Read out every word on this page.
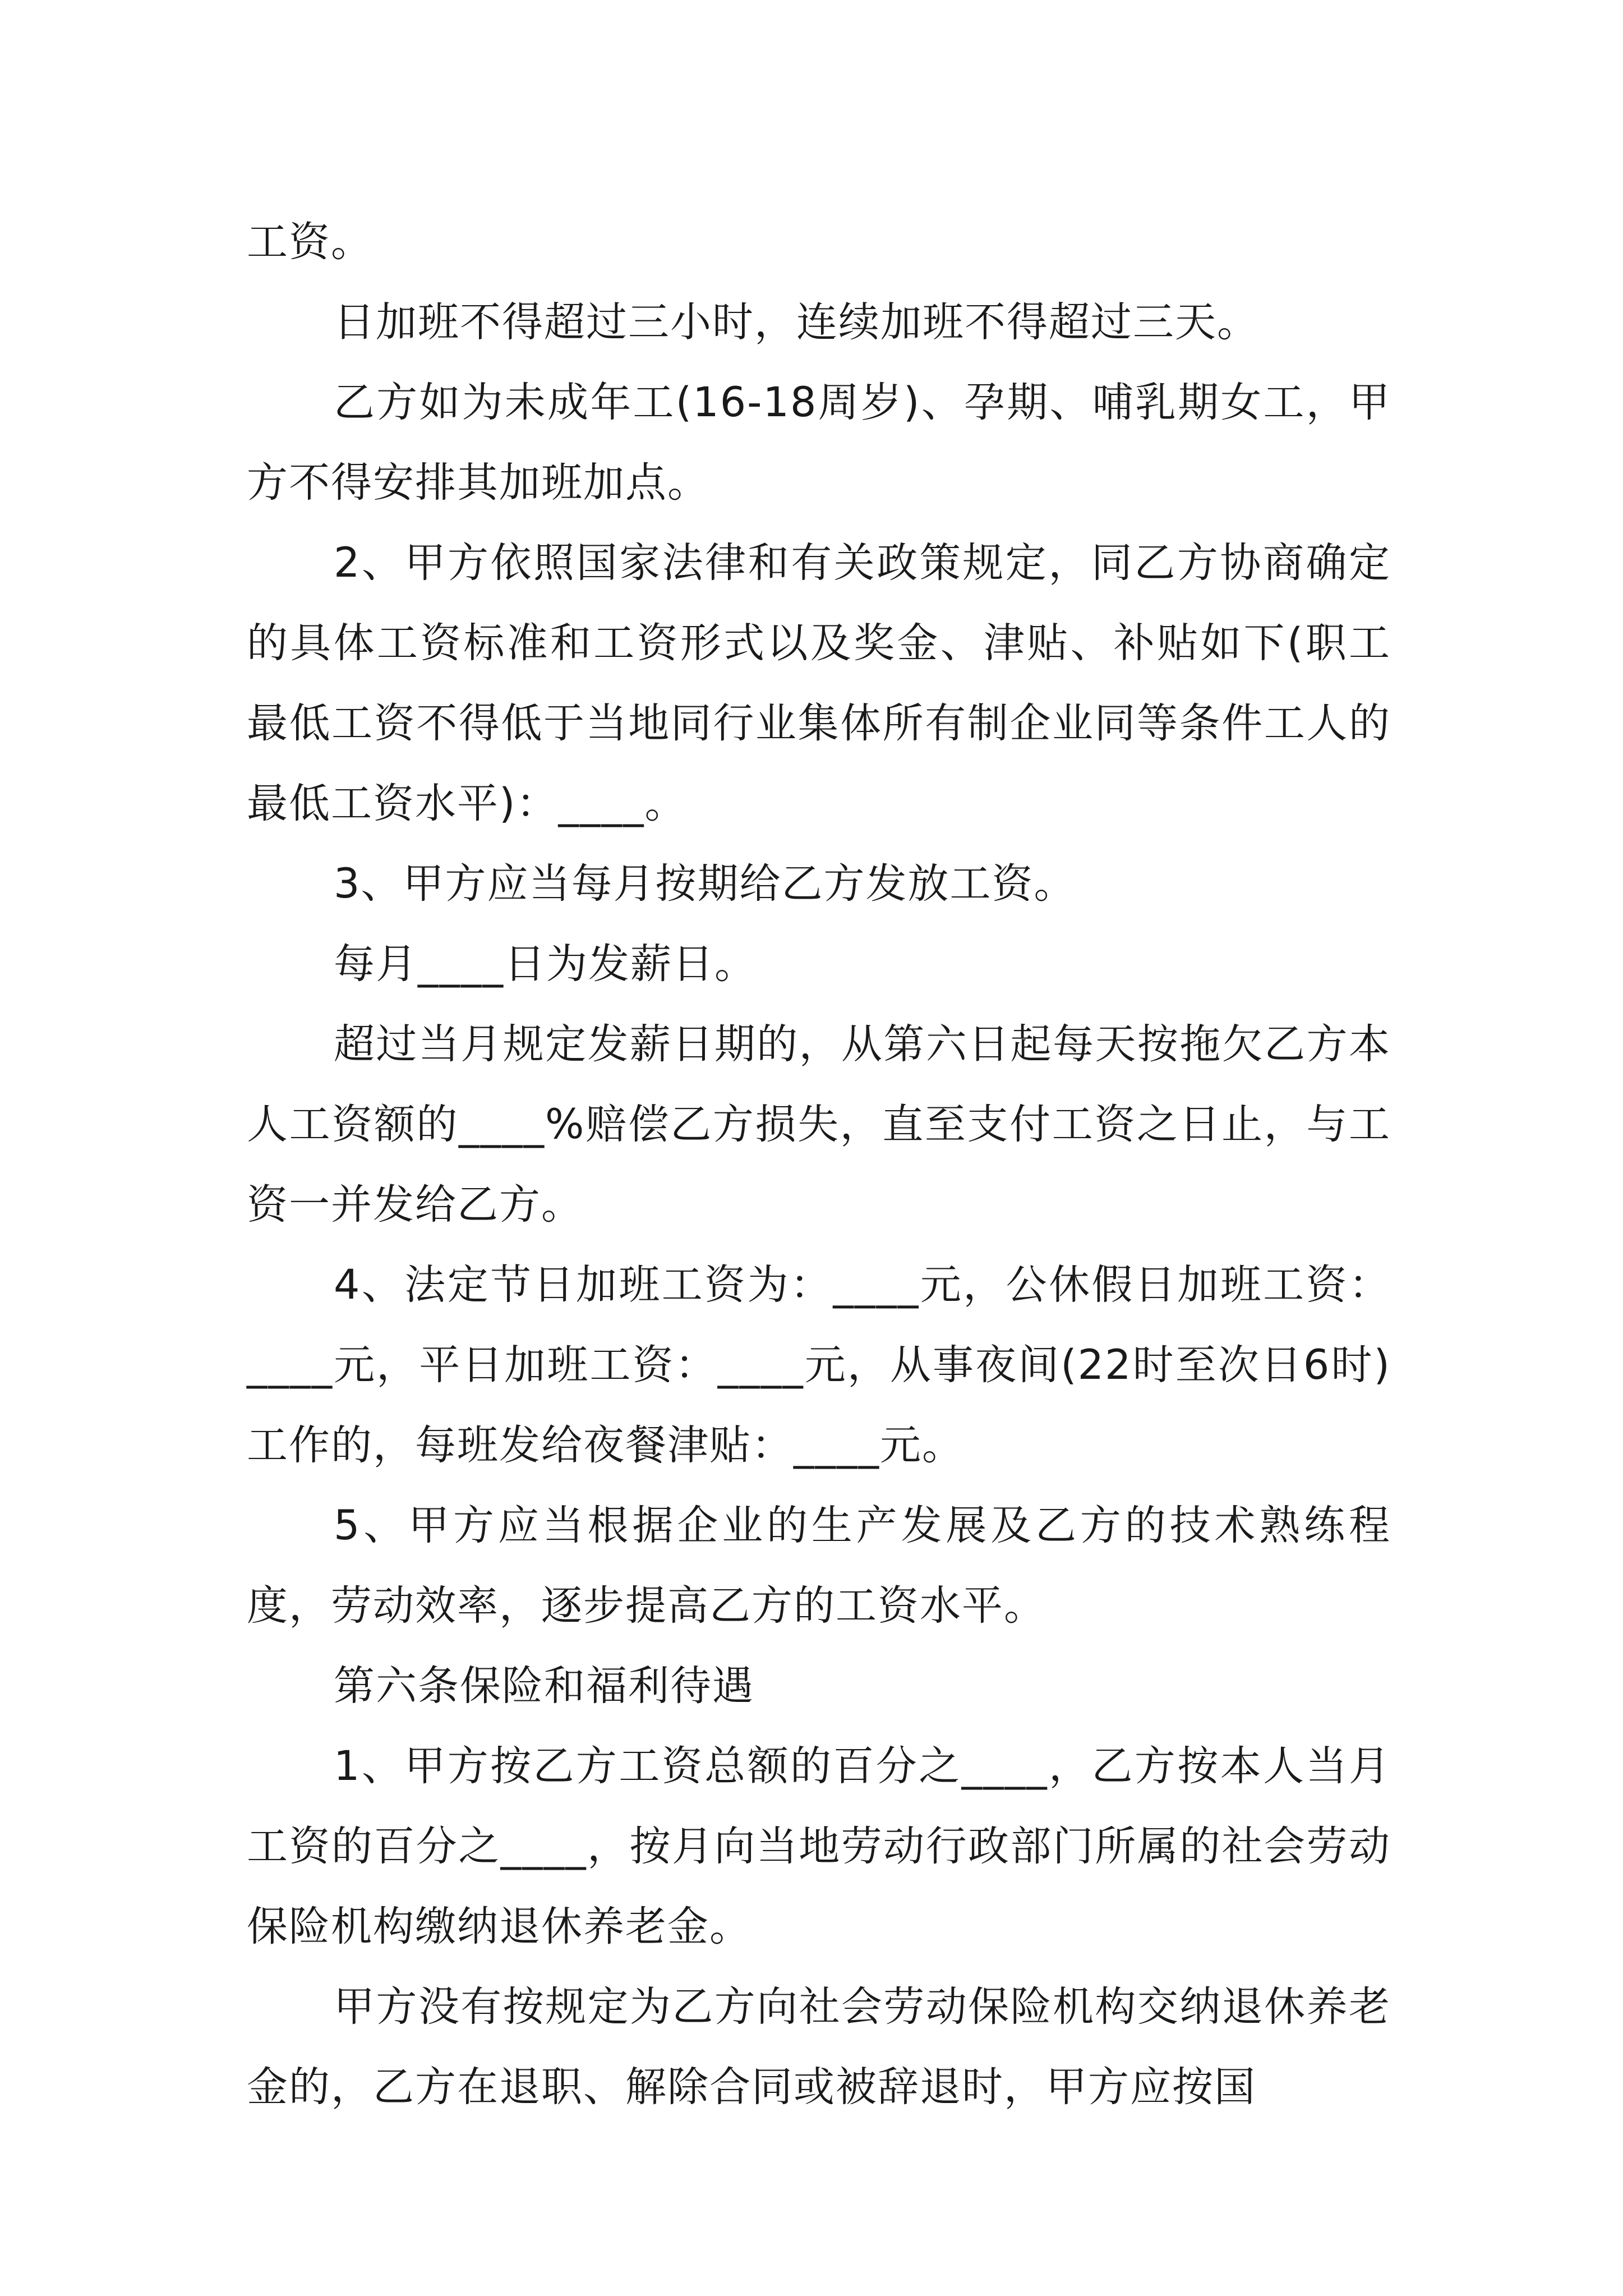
工资。

日加班不得超过三小时，连续加班不得超过三天。

乙方如为未成年工(16-18周岁)、孕期、哺乳期女工，甲方不得安排其加班加点。

2、甲方依照国家法律和有关政策规定，同乙方协商确定的具体工资标准和工资形式以及奖金、津贴、补贴如下(职工最低工资不得低于当地同行业集体所有制企业同等条件工人的最低工资水平)：____。

3、甲方应当每月按期给乙方发放工资。

每月____日为发薪日。

超过当月规定发薪日期的，从第六日起每天按拖欠乙方本人工资额的____%赔偿乙方损失，直至支付工资之日止，与工资一并发给乙方。

4、法定节日加班工资为：____元，公休假日加班工资：____元，平日加班工资：____元，从事夜间(22时至次日6时)工作的，每班发给夜餐津贴：____元。

5、甲方应当根据企业的生产发展及乙方的技术熟练程度，劳动效率，逐步提高乙方的工资水平。

第六条保险和福利待遇

1、甲方按乙方工资总额的百分之____，乙方按本人当月工资的百分之____，按月向当地劳动行政部门所属的社会劳动保险机构缴纳退休养老金。

甲方没有按规定为乙方向社会劳动保险机构交纳退休养老金的，乙方在退职、解除合同或被辞退时，甲方应按国
